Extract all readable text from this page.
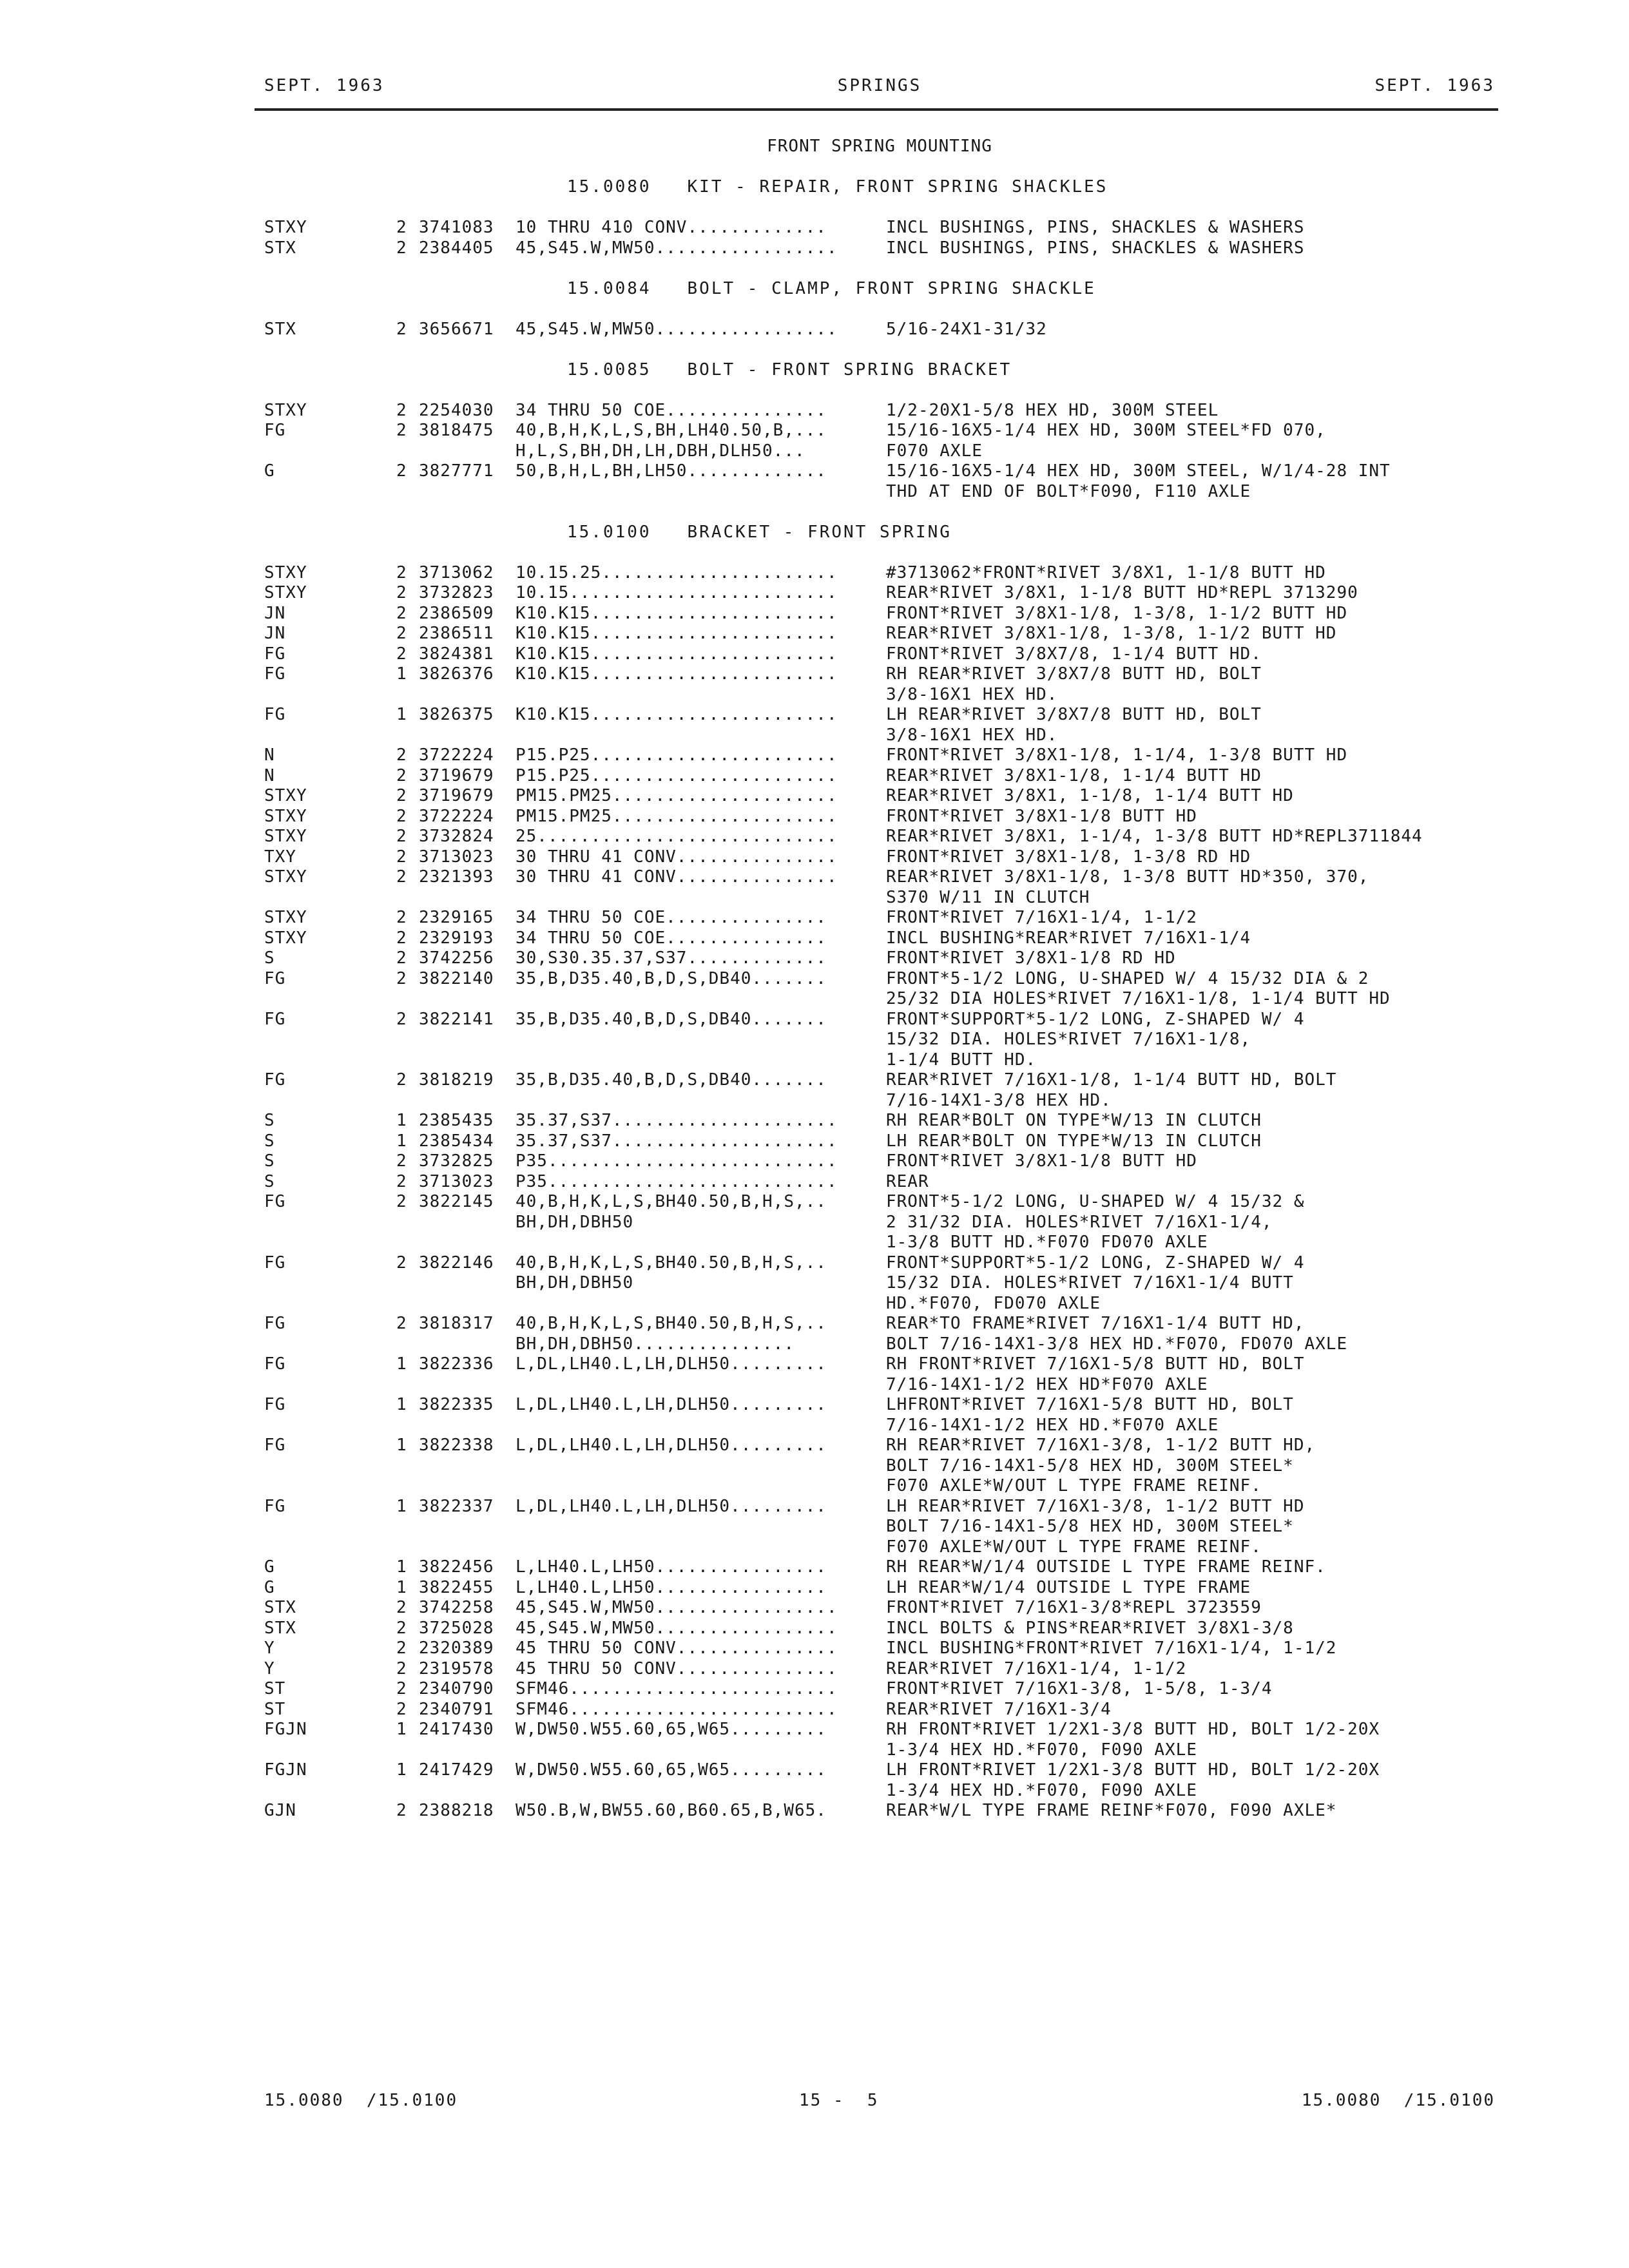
SEPT. 1963	SPRINGS	SEPT. 1963
FRONT SPRING MOUNTING
15.0080   KIT - REPAIR, FRONT SPRING SHACKLES
STXY	2 3741083 10 THRU 410 CONV.............	INCL BUSHINGS, PINS, SHACKLES & WASHERS
STX	2 2384405 45,S45.W,MW50.................	INCL BUSHINGS, PINS, SHACKLES & WASHERS
15.0084   BOLT - CLAMP, FRONT SPRING SHACKLE
STX	2 3656671 45,S45.W,MW50.................	5/16-24X1-31/32
15.0085   BOLT - FRONT SPRING BRACKET
STXY	2 2254030 34 THRU 50 COE...............	1/2-20X1-5/8 HEX HD, 300M STEEL
FG	2 3818475 40,B,H,K,L,S,BH,LH40.50,B,...	15/16-16X5-1/4 HEX HD, 300M STEEL*FD 070,
H,L,S,BH,DH,LH,DBH,DLH50...	F070 AXLE
G	2 3827771 50,B,H,L,BH,LH50.............	15/16-16X5-1/4 HEX HD, 300M STEEL, W/1/4-28 INT
THD AT END OF BOLT*F090, F110 AXLE
15.0100   BRACKET - FRONT SPRING
STXY	2 3713062 10.15.25......................	#3713062*FRONT*RIVET 3/8X1, 1-1/8 BUTT HD
STXY	2 3732823 10.15.........................	REAR*RIVET 3/8X1, 1-1/8 BUTT HD*REPL 3713290
JN	2 2386509 K10.K15.......................	FRONT*RIVET 3/8X1-1/8, 1-3/8, 1-1/2 BUTT HD
JN	2 2386511 K10.K15.......................	REAR*RIVET 3/8X1-1/8, 1-3/8, 1-1/2 BUTT HD
FG	2 3824381 K10.K15.......................	FRONT*RIVET 3/8X7/8, 1-1/4 BUTT HD.
FG	1 3826376 K10.K15.......................	RH REAR*RIVET 3/8X7/8 BUTT HD, BOLT
3/8-16X1 HEX HD.
FG	1 3826375 K10.K15.......................	LH REAR*RIVET 3/8X7/8 BUTT HD, BOLT
3/8-16X1 HEX HD.
N	2 3722224 P15.P25.......................	FRONT*RIVET 3/8X1-1/8, 1-1/4, 1-3/8 BUTT HD
N	2 3719679 P15.P25.......................	REAR*RIVET 3/8X1-1/8, 1-1/4 BUTT HD
STXY	2 3719679 PM15.PM25.....................	REAR*RIVET 3/8X1, 1-1/8, 1-1/4 BUTT HD
STXY	2 3722224 PM15.PM25.....................	FRONT*RIVET 3/8X1-1/8 BUTT HD
STXY	2 3732824 25............................	REAR*RIVET 3/8X1, 1-1/4, 1-3/8 BUTT HD*REPL3711844
TXY	2 3713023 30 THRU 41 CONV...............	FRONT*RIVET 3/8X1-1/8, 1-3/8 RD HD
STXY	2 2321393 30 THRU 41 CONV...............	REAR*RIVET 3/8X1-1/8, 1-3/8 BUTT HD*350, 370,
S370 W/11 IN CLUTCH
STXY	2 2329165 34 THRU 50 COE...............	FRONT*RIVET 7/16X1-1/4, 1-1/2
STXY	2 2329193 34 THRU 50 COE...............	INCL BUSHING*REAR*RIVET 7/16X1-1/4
S	2 3742256 30,S30.35.37,S37.............	FRONT*RIVET 3/8X1-1/8 RD HD
FG	2 3822140 35,B,D35.40,B,D,S,DB40.......	FRONT*5-1/2 LONG, U-SHAPED W/ 4 15/32 DIA & 2
25/32 DIA HOLES*RIVET 7/16X1-1/8, 1-1/4 BUTT HD
FG	2 3822141 35,B,D35.40,B,D,S,DB40.......	FRONT*SUPPORT*5-1/2 LONG, Z-SHAPED W/ 4
15/32 DIA. HOLES*RIVET 7/16X1-1/8,
1-1/4 BUTT HD.
FG	2 3818219 35,B,D35.40,B,D,S,DB40.......	REAR*RIVET 7/16X1-1/8, 1-1/4 BUTT HD, BOLT
7/16-14X1-3/8 HEX HD.
S	1 2385435 35.37,S37.....................	RH REAR*BOLT ON TYPE*W/13 IN CLUTCH
S	1 2385434 35.37,S37.....................	LH REAR*BOLT ON TYPE*W/13 IN CLUTCH
S	2 3732825 P35...........................	FRONT*RIVET 3/8X1-1/8 BUTT HD
S	2 3713023 P35...........................	REAR
FG	2 3822145 40,B,H,K,L,S,BH40.50,B,H,S,..	FRONT*5-1/2 LONG, U-SHAPED W/ 4 15/32 &
BH,DH,DBH50	2 31/32 DIA. HOLES*RIVET 7/16X1-1/4,
1-3/8 BUTT HD.*F070 FD070 AXLE
FG	2 3822146 40,B,H,K,L,S,BH40.50,B,H,S,..	FRONT*SUPPORT*5-1/2 LONG, Z-SHAPED W/ 4
BH,DH,DBH50	15/32 DIA. HOLES*RIVET 7/16X1-1/4 BUTT
HD.*F070, FD070 AXLE
FG	2 3818317 40,B,H,K,L,S,BH40.50,B,H,S,..	REAR*TO FRAME*RIVET 7/16X1-1/4 BUTT HD,
BH,DH,DBH50...............	BOLT 7/16-14X1-3/8 HEX HD.*F070, FD070 AXLE
FG	1 3822336 L,DL,LH40.L,LH,DLH50.........	RH FRONT*RIVET 7/16X1-5/8 BUTT HD, BOLT
7/16-14X1-1/2 HEX HD*F070 AXLE
FG	1 3822335 L,DL,LH40.L,LH,DLH50.........	LHFRONT*RIVET 7/16X1-5/8 BUTT HD, BOLT
7/16-14X1-1/2 HEX HD.*F070 AXLE
FG	1 3822338 L,DL,LH40.L,LH,DLH50.........	RH REAR*RIVET 7/16X1-3/8, 1-1/2 BUTT HD,
BOLT 7/16-14X1-5/8 HEX HD, 300M STEEL*
F070 AXLE*W/OUT L TYPE FRAME REINF.
FG	1 3822337 L,DL,LH40.L,LH,DLH50.........	LH REAR*RIVET 7/16X1-3/8, 1-1/2 BUTT HD
BOLT 7/16-14X1-5/8 HEX HD, 300M STEEL*
F070 AXLE*W/OUT L TYPE FRAME REINF.
G	1 3822456 L,LH40.L,LH50................	RH REAR*W/1/4 OUTSIDE L TYPE FRAME REINF.
G	1 3822455 L,LH40.L,LH50................	LH REAR*W/1/4 OUTSIDE L TYPE FRAME
STX	2 3742258 45,S45.W,MW50.................	FRONT*RIVET 7/16X1-3/8*REPL 3723559
STX	2 3725028 45,S45.W,MW50.................	INCL BOLTS & PINS*REAR*RIVET 3/8X1-3/8
Y	2 2320389 45 THRU 50 CONV...............	INCL BUSHING*FRONT*RIVET 7/16X1-1/4, 1-1/2
Y	2 2319578 45 THRU 50 CONV...............	REAR*RIVET 7/16X1-1/4, 1-1/2
ST	2 2340790 SFM46.........................	FRONT*RIVET 7/16X1-3/8, 1-5/8, 1-3/4
ST	2 2340791 SFM46.........................	REAR*RIVET 7/16X1-3/4
FGJN	1 2417430 W,DW50.W55.60,65,W65.........	RH FRONT*RIVET 1/2X1-3/8 BUTT HD, BOLT 1/2-20X
1-3/4 HEX HD.*F070, F090 AXLE
FGJN	1 2417429 W,DW50.W55.60,65,W65.........	LH FRONT*RIVET 1/2X1-3/8 BUTT HD, BOLT 1/2-20X
1-3/4 HEX HD.*F070, F090 AXLE
GJN	2 2388218 W50.B,W,BW55.60,B60.65,B,W65.	REAR*W/L TYPE FRAME REINF*F070, F090 AXLE*
15.0080  /15.0100	15 -  5	15.0080  /15.0100
